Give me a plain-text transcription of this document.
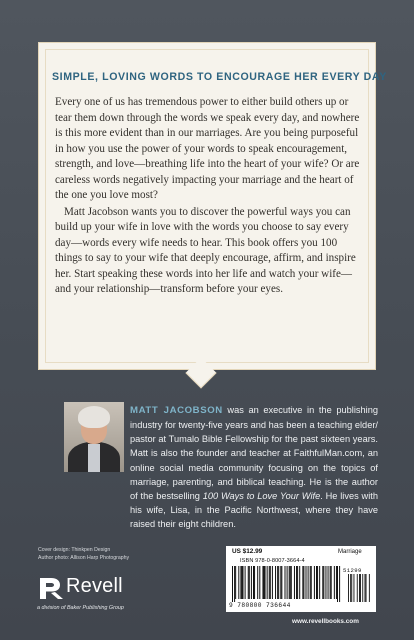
SIMPLE, LOVING WORDS TO ENCOURAGE HER EVERY DAY

Every one of us has tremendous power to either build others up or tear them down through the words we speak every day, and nowhere is this more evident than in our marriages. Are you being purposeful in how you use the power of your words to speak encouragement, strength, and love—breathing life into the heart of your wife? Or are careless words negatively impacting your marriage and the heart of the one you love most?

Matt Jacobson wants you to discover the powerful ways you can build up your wife in love with the words you choose to say every day—words every wife needs to hear. This book offers you 100 things to say to your wife that deeply encourage, affirm, and inspire her. Start speaking these words into her life and watch your wife—and your relationship—transform before your eyes.

MATT JACOBSON was an executive in the publishing industry for twenty-five years and has been a teaching elder/ pastor at Tumalo Bible Fellowship for the past sixteen years. Matt is also the founder and teacher at FaithfulMan.com, an online social media community focusing on the topics of marriage, parenting, and biblical teaching. He is the author of the bestselling 100 Ways to Love Your Wife. He lives with his wife, Lisa, in the Pacific Northwest, where they have raised their eight children.
Cover design: Thinkpen Design
Author photo: Allison Harp Photography
Revell
a division of Baker Publishing Group
US $12.99	Marriage
ISBN 978-0-8007-3664-4
9 780800 736644
51299
www.revellbooks.com
